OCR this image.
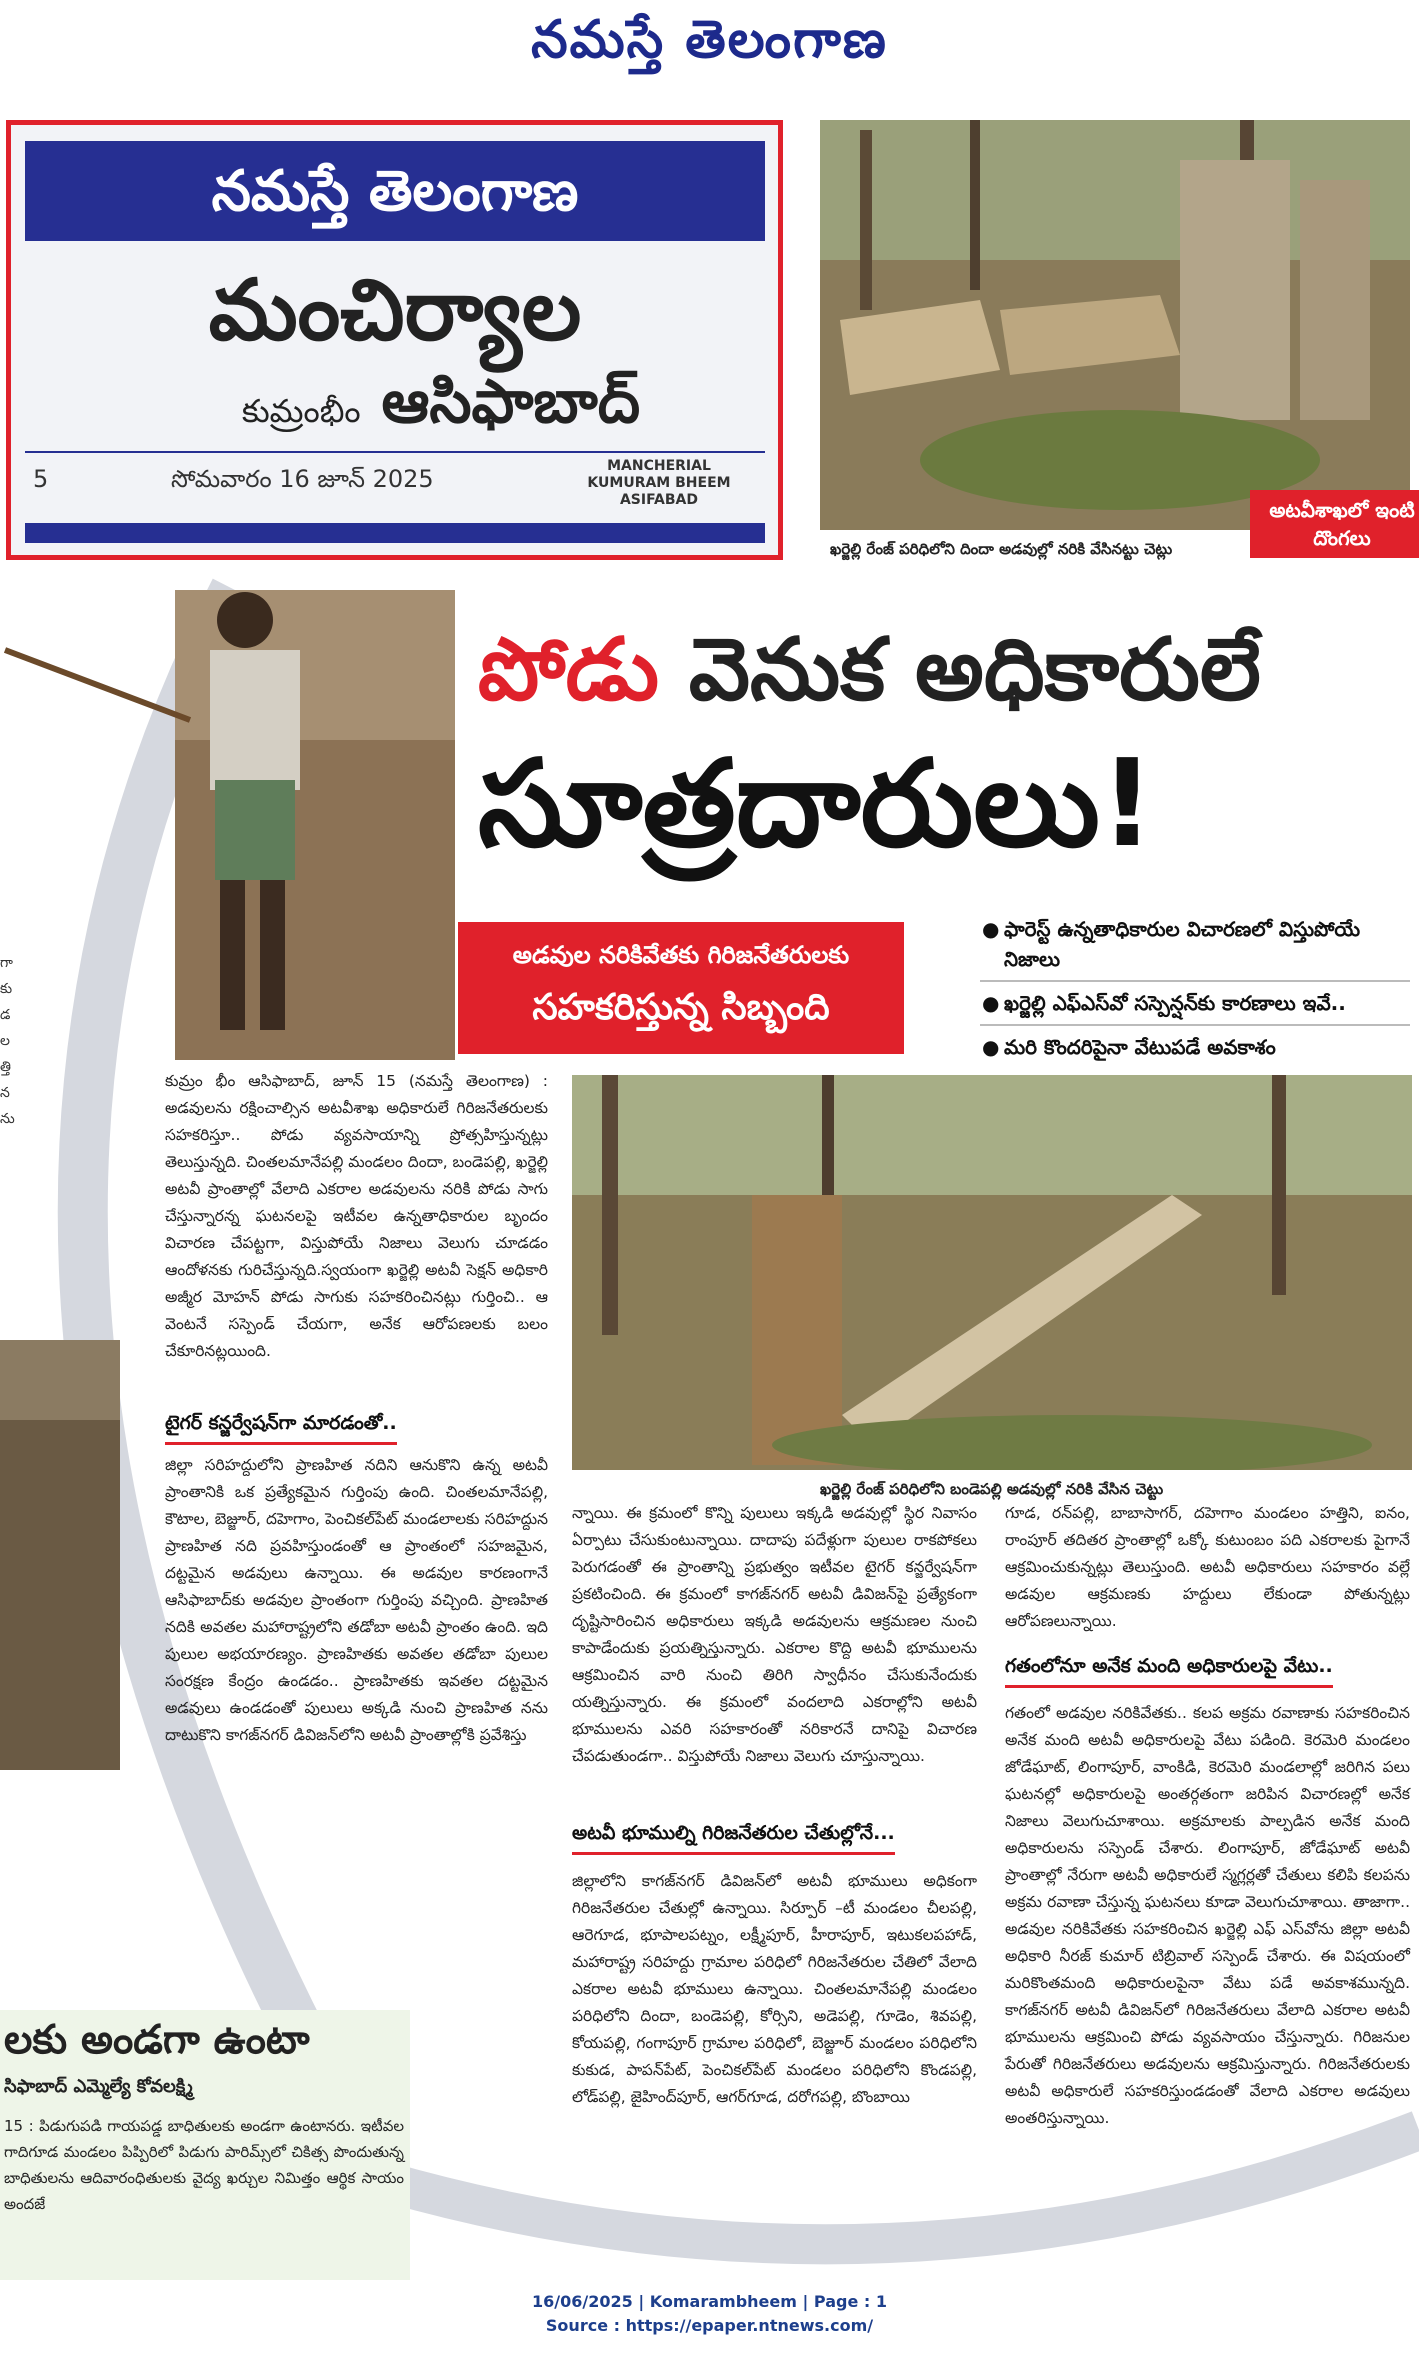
నమస్తే తెలంగాణ
నమస్తే తెలంగాణ
మంచిర్యాల
కుమ్రంభీం ఆసిఫాబాద్
5	సోమవారం 16 జూన్ 2025	MANCHERIAL
KUMURAM BHEEM
ASIFABAD
ఖర్జెల్లి రేంజ్ పరిధిలోని దిందా అడవుల్లో నరికి వేసినట్టు చెట్లు
అటవీశాఖలో ఇంటి దొంగలు
గా
కు
డ
ల
త్తి
న
ను
పోడు వెనుక అధికారులే
సూత్రదారులు!
అడవుల నరికివేతకు గిరిజనేతరులకు
సహకరిస్తున్న సిబ్బంది
● ఫారెస్ట్ ఉన్నతాధికారుల విచారణలో విస్తుపోయే నిజాలు
● ఖర్జెల్లి ఎఫ్ఎస్‌వో సస్పెన్షన్‌కు కారణాలు ఇవే..
● మరి కొందరిపైనా వేటుపడే అవకాశం
ఖర్జెల్లి రేంజ్ పరిధిలోని బండెపల్లి అడవుల్లో నరికి వేసిన చెట్టు
కుమ్రం భీం ఆసిఫాబాద్, జూన్ 15 (నమస్తే తెలంగాణ) : అడవులను రక్షించాల్సిన అటవీశాఖ అధికారులే గిరిజనేతరులకు సహకరిస్తూ.. పోడు వ్యవసాయాన్ని ప్రోత్సహిస్తున్నట్లు తెలుస్తున్నది. చింతలమానేపల్లి మండలం దిందా, బండెపల్లి, ఖర్జెల్లి అటవీ ప్రాంతాల్లో వేలాది ఎకరాల అడవులను నరికి పోడు సాగు చేస్తున్నారన్న ఘటనలపై ఇటీవల ఉన్నతాధికారుల బృందం విచారణ చేపట్టగా, విస్తుపోయే నిజాలు వెలుగు చూడడం ఆందోళనకు గురిచేస్తున్నది.స్వయంగా ఖర్జెల్లి అటవీ సెక్షన్ అధికారి అజ్మీర మోహన్ పోడు సాగుకు సహకరించినట్లు గుర్తించి.. ఆ వెంటనే సస్పెండ్ చేయగా, అనేక ఆరోపణలకు బలం చేకూరినట్లయింది.
టైగర్ కన్జర్వేషన్‌గా మారడంతో..
జిల్లా సరిహద్దులోని ప్రాణహిత నదిని ఆనుకొని ఉన్న అటవీ ప్రాంతానికి ఒక ప్రత్యేకమైన గుర్తింపు ఉంది. చింతలమానేపల్లి, కౌటాల, బెజ్జూర్, దహెగాం, పెంచికల్‌పేట్ మండలాలకు సరిహద్దున ప్రాణహిత నది ప్రవహిస్తుండంతో ఆ ప్రాంతంలో సహజమైన, దట్టమైన అడవులు ఉన్నాయి. ఈ అడవుల కారణంగానే ఆసిఫాబాద్‌కు అడవుల ప్రాంతంగా గుర్తింపు వచ్చింది. ప్రాణహిత నదికి అవతల మహారాష్ట్రలోని తడోబా అటవీ ప్రాంతం ఉంది. ఇది పులుల అభయారణ్యం. ప్రాణహితకు అవతల తడోబా పులుల సంరక్షణ కేంద్రం ఉండడం.. ప్రాణహితకు ఇవతల దట్టమైన అడవులు ఉండడంతో పులులు అక్కడి నుంచి ప్రాణహిత నను దాటుకొని కాగజ్‌నగర్ డివిజన్‌లోని అటవీ ప్రాంతాల్లోకి ప్రవేశిస్తు
న్నాయి. ఈ క్రమంలో కొన్ని పులులు ఇక్కడి అడవుల్లో స్థిర నివాసం ఏర్పాటు చేసుకుంటున్నాయి. దాదాపు పదేళ్లుగా పులుల రాకపోకలు పెరుగడంతో ఈ ప్రాంతాన్ని ప్రభుత్వం ఇటీవల టైగర్ కన్జర్వేషన్‌గా ప్రకటించింది. ఈ క్రమంలో కాగజ్‌నగర్ అటవీ డివిజన్‌పై ప్రత్యేకంగా దృష్టిసారించిన అధికారులు ఇక్కడి అడవులను ఆక్రమణల నుంచి కాపాడేందుకు ప్రయత్నిస్తున్నారు. ఎకరాల కొద్ది అటవీ భూములను ఆక్రమించిన వారి నుంచి తిరిగి స్వాధీనం చేసుకునేందుకు యత్నిస్తున్నారు. ఈ క్రమంలో వందలాది ఎకరాల్లోని అటవీ భూములను ఎవరి సహకారంతో నరికారనే దానిపై విచారణ చేపడుతుండగా.. విస్తుపోయే నిజాలు వెలుగు చూస్తున్నాయి.
అటవీ భూముల్ని గిరిజనేతరుల చేతుల్లోనే...
జిల్లాలోని కాగజ్‌నగర్ డివిజన్‌లో అటవీ భూములు అధికంగా గిరిజనేతరుల చేతుల్లో ఉన్నాయి. సిర్పూర్ –టీ మండలం చీలపల్లి, ఆరెగూడ, భూపాలపట్నం, లక్ష్మీపూర్, హీరాపూర్, ఇటుకలపహాడ్, మహారాష్ట్ర సరిహద్దు గ్రామాల పరిధిలో గిరిజనేతరుల చేతిలో వేలాది ఎకరాల అటవీ భూములు ఉన్నాయి. చింతలమానేపల్లి మండలం పరిధిలోని దిందా, బండెపల్లి, కోర్సిని, అడెపల్లి, గూడెం, శివపల్లి, కోయపల్లి, గంగాపూర్ గ్రామాల పరిధిలో, బెజ్జూర్ మండలం పరిధిలోని కుకుడ, పాపన్‌పేట్, పెంచికల్‌పేట్ మండలం పరిధిలోని కొండపల్లి, లోడ్‌పల్లి, జైహింద్‌పూర్, ఆగర్‌గూడ, దరోగపల్లి, బొంబాయి
గూడ, రన్‌పల్లి, బాబాసాగర్, దహెగాం మండలం హత్తిని, ఐనం, రాంపూర్ తదితర ప్రాంతాల్లో ఒక్కో కుటుంబం పది ఎకరాలకు పైగానే ఆక్రమించుకున్నట్లు తెలుస్తుంది. అటవీ అధికారులు సహకారం వల్లే అడవుల ఆక్రమణకు హద్దులు లేకుండా పోతున్నట్లు ఆరోపణలున్నాయి.
గతంలోనూ అనేక మంది అధికారులపై వేటు..
గతంలో అడవుల నరికివేతకు.. కలప అక్రమ రవాణాకు సహకరించిన అనేక మంది అటవీ అధికారులపై వేటు పడింది. కెరమెరి మండలం జోడేఘాట్, లింగాపూర్, వాంకిడి, కెరమెరి మండలాల్లో జరిగిన పలు ఘటనల్లో అధికారులపై అంతర్గతంగా జరిపిన విచారణల్లో అనేక నిజాలు వెలుగుచూశాయి. అక్రమాలకు పాల్పడిన అనేక మంది అధికారులను సస్పెండ్ చేశారు. లింగాపూర్, జోడేఘాట్ అటవీ ప్రాంతాల్లో నేరుగా అటవీ అధికారులే స్మగ్లర్లతో చేతులు కలిపి కలపను అక్రమ రవాణా చేస్తున్న ఘటనలు కూడా వెలుగుచూశాయి. తాజాగా.. అడవుల నరికివేతకు సహకరించిన ఖర్జెల్లి ఎఫ్ ఎస్‌వోను జిల్లా అటవీ అధికారి నీరజ్ కుమార్ టిబ్రివాల్ సస్పెండ్ చేశారు. ఈ విషయంలో మరికొంతమంది అధికారులపైనా వేటు పడే అవకాశమున్నది. కాగజ్‌నగర్ అటవీ డివిజన్‌లో గిరిజనేతరులు వేలాది ఎకరాల అటవీ భూములను ఆక్రమించి పోడు వ్యవసాయం చేస్తున్నారు. గిరిజనుల పేరుతో గిరిజనేతరులు అడవులను ఆక్రమిస్తున్నారు. గిరిజనేతరులకు అటవీ అధికారులే సహకరిస్తుండడంతో వేలాది ఎకరాల అడవులు అంతరిస్తున్నాయి.
లకు అండగా ఉంటా
సిఫాబాద్ ఎమ్మెల్యే కోవలక్ష్మి
15 : పిడుగుపడి గాయపడ్డ బాధితులకు అండగా ఉంటానరు. ఇటీవల గాదిగూడ మండలం పిప్పిరిలో పిడుగు పారిమ్స్‌లో చికిత్స పొందుతున్న బాధితులను ఆదివారంధితులకు వైద్య ఖర్చుల నిమిత్తం ఆర్థిక సాయం అందజే
16/06/2025 | Komarambheem | Page : 1
Source : https://epaper.ntnews.com/
